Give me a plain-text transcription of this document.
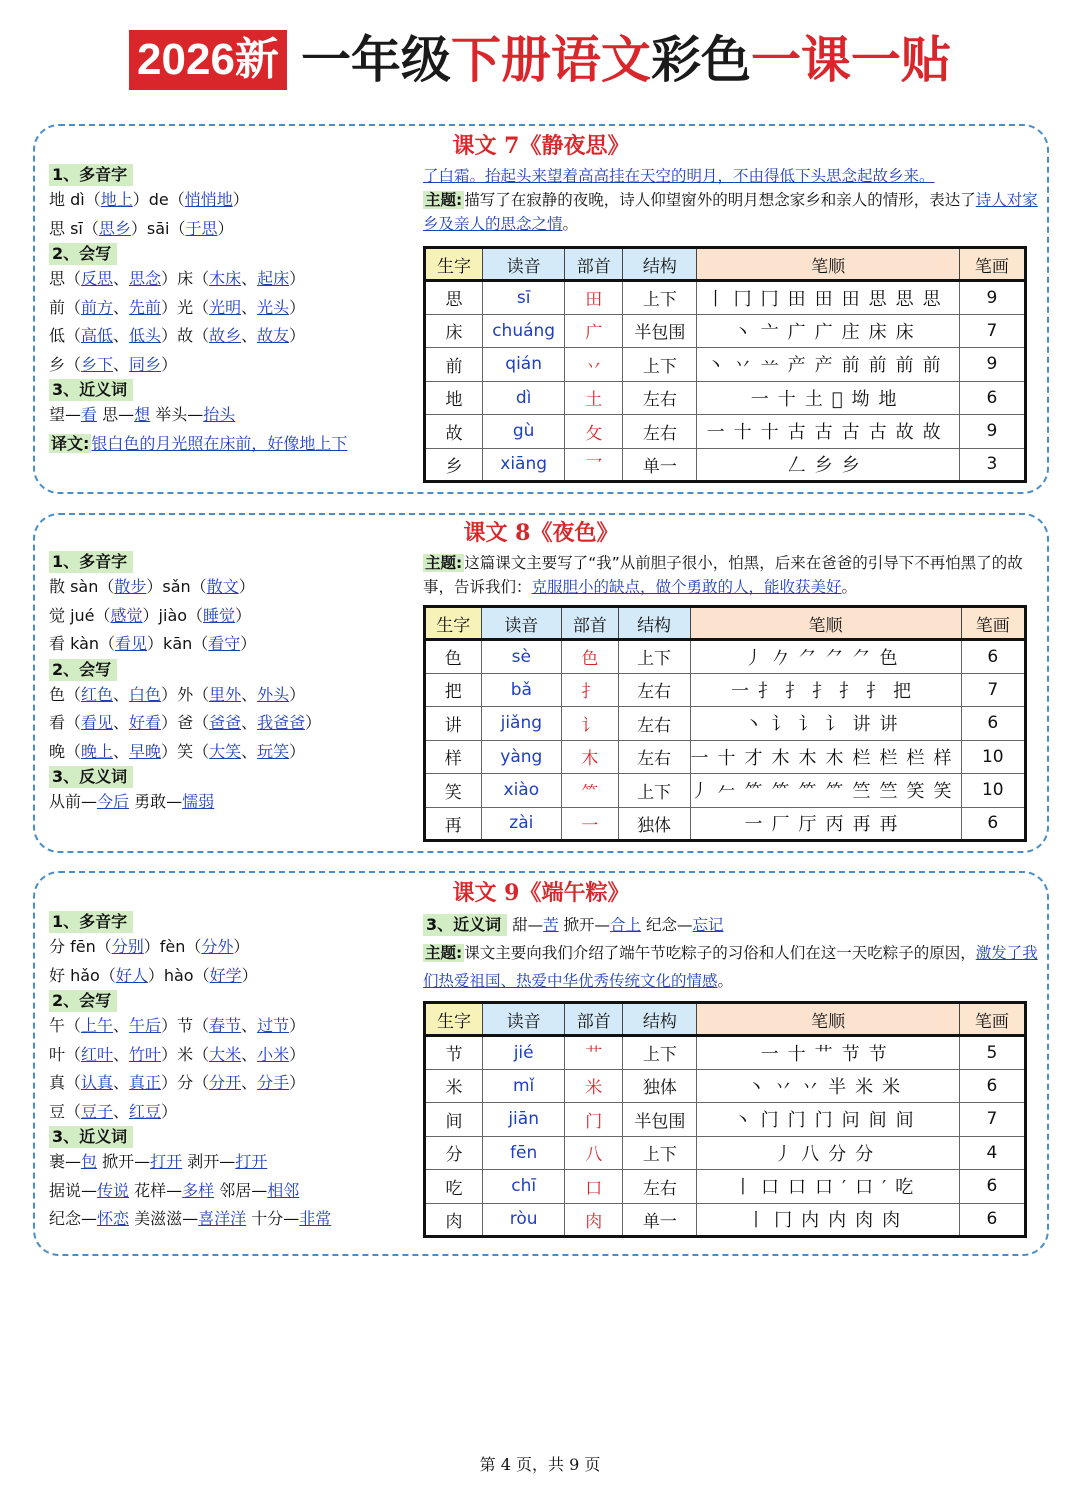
2026新 一年级下册语文彩色一课一贴
课文 7《静夜思》
1、多音字
地 dì（地上）de（悄悄地）
思 sī（思乡）sāi（于思）
2、会写
思（反思、思念）床（木床、起床）
前（前方、先前）光（光明、光头）
低（高低、低头）故（故乡、故友）
乡（乡下、同乡）
3、近义词
望—看 思—想 举头—抬头
译文: 银白色的月光照在床前，好像地上下
了白霜。抬起头来望着高高挂在天空的明月，不由得低下头思念起故乡来。
主题: 描写了在寂静的夜晚，诗人仰望窗外的明月想念家乡和亲人的情形，表达了诗人对家乡及亲人的思念之情。
生字	读音	部首	结构	笔顺	笔画
思	sī	田	上下	丨冂冂田田田思思思	9
床	chuáng	广	半包围	丶亠广广庄床床	7
前	qián	丷	上下	丶丷䒑产产前前前前	9
地	dì	土	左右	一十土𡉈坳地	6
故	gù	攵	左右	一十十古古古古故故	9
乡	xiāng	乛	单一	𠃋乡乡	3
课文 8《夜色》
1、多音字
散 sàn（散步）sǎn（散文）
觉 jué（感觉）jiào（睡觉）
看 kàn（看见）kān（看守）
2、会写
色（红色、白色）外（里外、外头）
看（看见、好看）爸（爸爸、我爸爸）
晚（晚上、早晚）笑（大笑、玩笑）
3、反义词
从前—今后 勇敢—懦弱
主题: 这篇课文主要写了“我”从前胆子很小，怕黑，后来在爸爸的引导下不再怕黑了的故事，告诉我们：克服胆小的缺点，做个勇敢的人，能收获美好。
生字	读音	部首	结构	笔顺	笔画
色	sè	色	上下	丿𠂊⺈⺈⺈色	6
把	bǎ	扌	左右	一扌扌扌扌扌把	7
讲	jiǎng	讠	左右	丶讠讠讠讲讲	6
样	yàng	木	左右	一十才木木木栏栏栏样	10
笑	xiào	⺮	上下	丿𠂉⺮⺮⺮⺮竺竺笑笑	10
再	zài	一	独体	一厂厅丙再再	6
课文 9《端午粽》
1、多音字
分 fēn（分别）fèn（分外）
好 hǎo（好人）hào（好学）
2、会写
午（上午、午后）节（春节、过节）
叶（红叶、竹叶）米（大米、小米）
真（认真、真正）分（分开、分手）
豆（豆子、红豆）
3、近义词
裹—包 掀开—打开 剥开—打开
据说—传说 花样—多样 邻居—相邻
纪念—怀恋 美滋滋—喜洋洋 十分—非常
3、近义词 甜—苦 掀开—合上 纪念—忘记
主题: 课文主要向我们介绍了端午节吃粽子的习俗和人们在这一天吃粽子的原因，激发了我们热爱祖国、热爱中华优秀传统文化的情感。
生字	读音	部首	结构	笔顺	笔画
节	jié	艹	上下	一十艹节节	5
米	mǐ	米	独体	丶丷丷半米米	6
间	jiān	门	半包围	丶门门门问间间	7
分	fēn	八	上下	丿八分分	4
吃	chī	口	左右	丨口口口′口′吃	6
肉	ròu	肉	单一	丨冂内内肉肉	6
第 4 页，共 9 页
